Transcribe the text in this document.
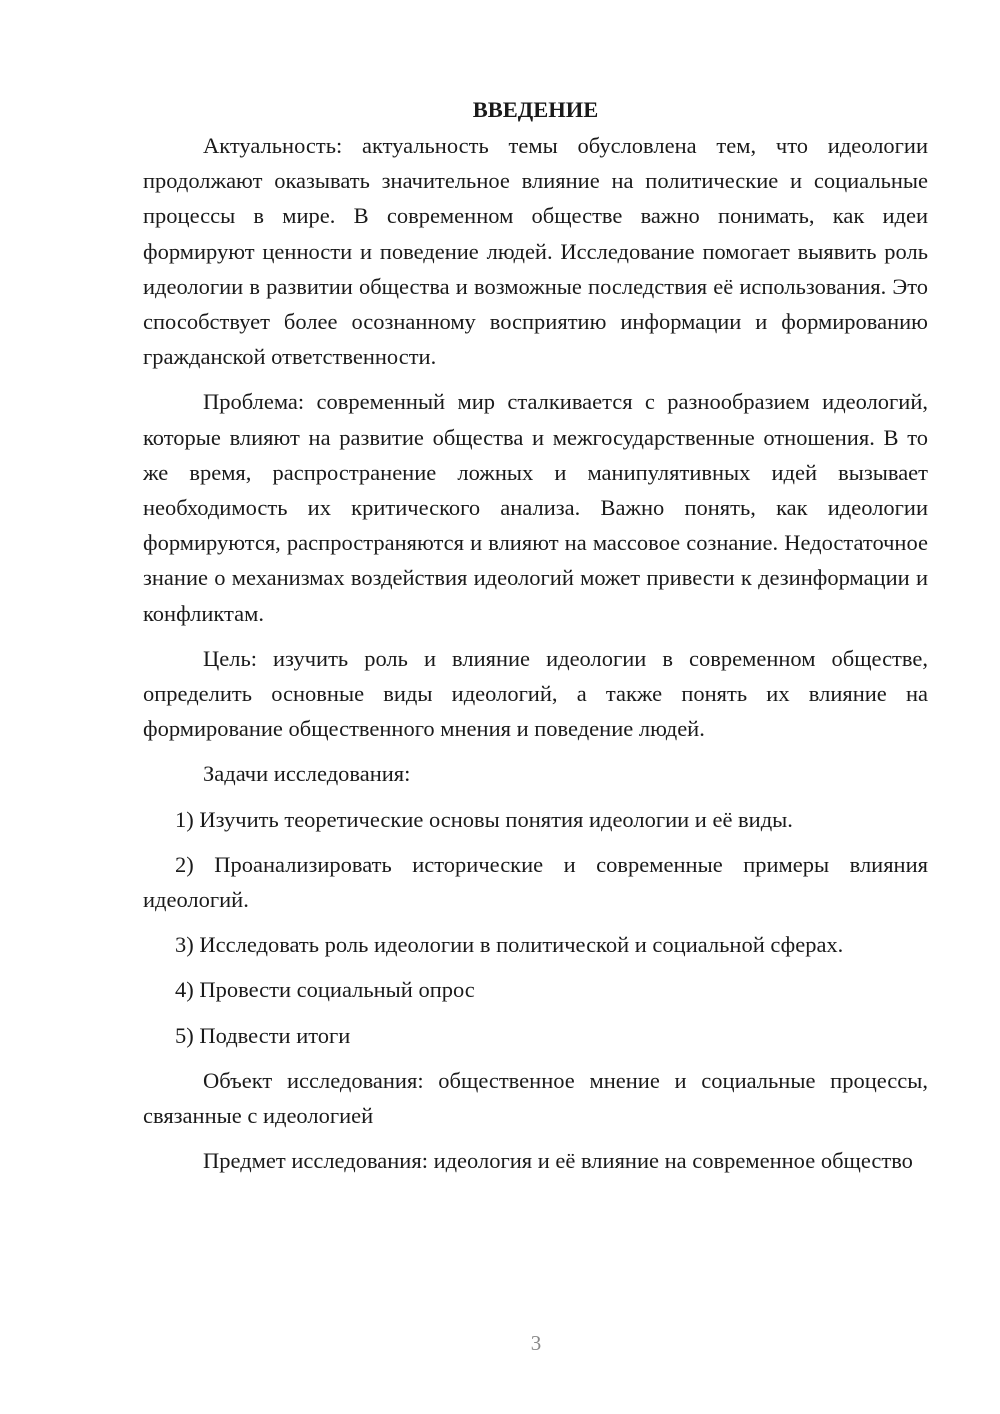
ВВЕДЕНИЕ

Актуальность: актуальность темы обусловлена тем, что идеологии продолжают оказывать значительное влияние на политические и социальные процессы в мире. В современном обществе важно понимать, как идеи формируют ценности и поведение людей. Исследование помогает выявить роль идеологии в развитии общества и возможные последствия её использования. Это способствует более осознанному восприятию информации и формированию гражданской ответственности.

Проблема: современный мир сталкивается с разнообразием идеологий, которые влияют на развитие общества и межгосударственные отношения. В то же время, распространение ложных и манипулятивных идей вызывает необходимость их критического анализа. Важно понять, как идеологии формируются, распространяются и влияют на массовое сознание. Недостаточное знание о механизмах воздействия идеологий может привести к дезинформации и конфликтам.

Цель: изучить роль и влияние идеологии в современном обществе, определить основные виды идеологий, а также понять их влияние на формирование общественного мнения и поведение людей.

Задачи исследования:

1) Изучить теоретические основы понятия идеологии и её виды.

2) Проанализировать исторические и современные примеры влияния идеологий.

3) Исследовать роль идеологии в политической и социальной сферах.

4) Провести социальный опрос

5) Подвести итоги

Объект исследования: общественное мнение и социальные процессы, связанные с идеологией

Предмет исследования: идеология и её влияние на современное общество

3
